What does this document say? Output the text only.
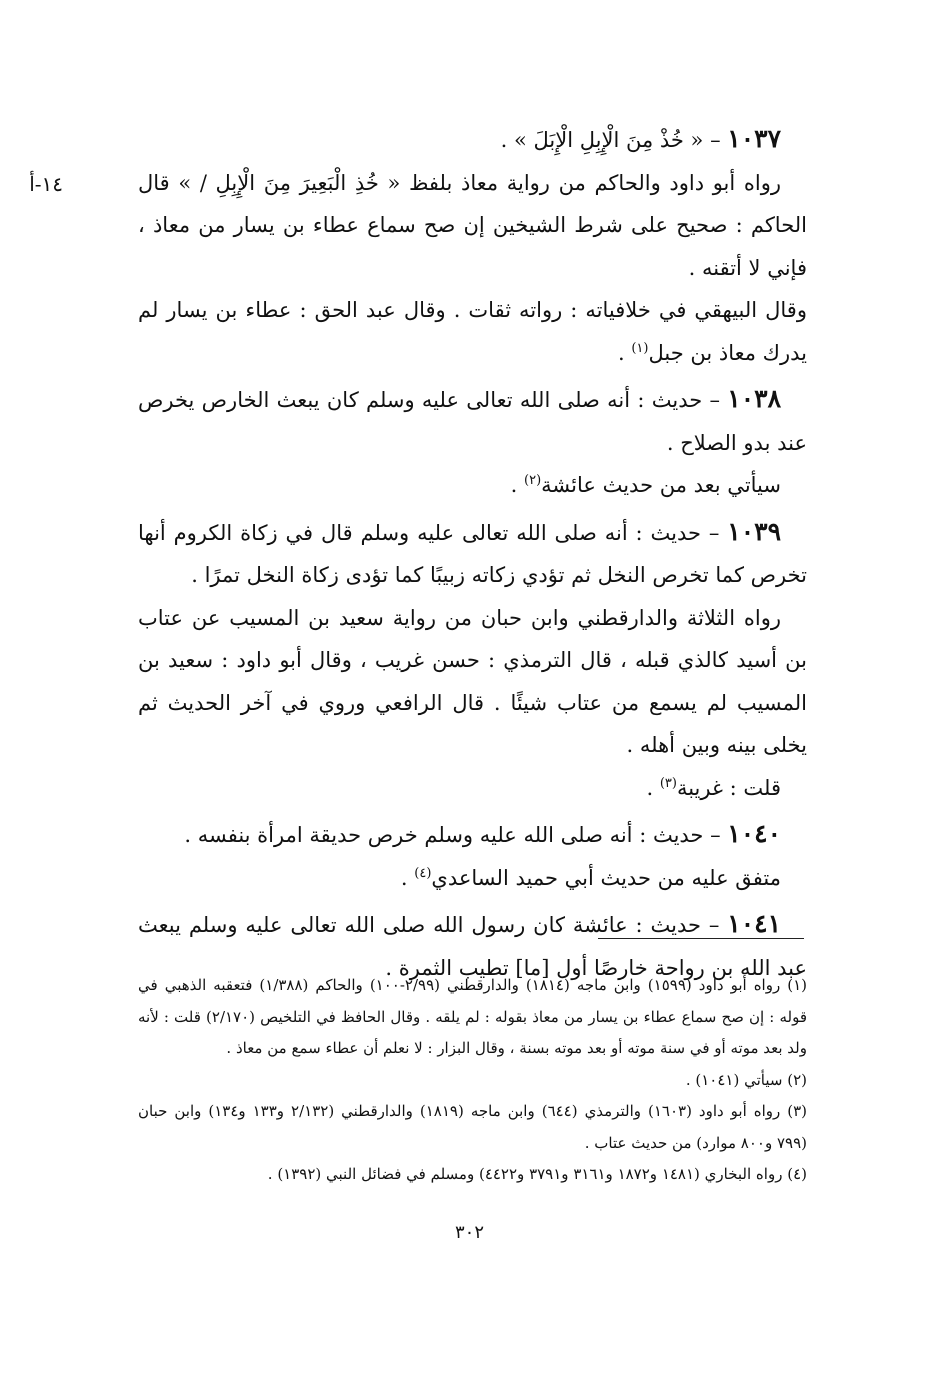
١٤-أ

١٠٣٧ – « خُذْ مِنَ الْإِبِلِ الْإِبَلَ » .

رواه أبو داود والحاكم من رواية معاذ بلفظ « خُذِ الْبَعِيرَ مِنَ الْإِبِلِ / » قال الحاكم : صحيح على شرط الشيخين إن صح سماع عطاء بن يسار من معاذ ، فإني لا أتقنه .

وقال البيهقي في خلافياته : رواته ثقات . وقال عبد الحق : عطاء بن يسار لم يدرك معاذ بن جبل$^{(١)}$ .

١٠٣٨ – حديث : أنه صلى الله تعالى عليه وسلم كان يبعث الخارص يخرص عند بدو الصلاح .

سيأتي بعد من حديث عائشة$^{(٢)}$ .

١٠٣٩ – حديث : أنه صلى الله تعالى عليه وسلم قال في زكاة الكروم أنها تخرص كما تخرص النخل ثم تؤدي زكاته زبيبًا كما تؤدى زكاة النخل تمرًا .

رواه الثلاثة والدارقطني وابن حبان من رواية سعيد بن المسيب عن عتاب بن أسيد كالذي قبله ، قال الترمذي : حسن غريب ، وقال أبو داود : سعيد بن المسيب لم يسمع من عتاب شيئًا . قال الرافعي وروي في آخر الحديث ثم يخلى بينه وبين أهله .

قلت : غريبة$^{(٣)}$ .

١٠٤٠ – حديث : أنه صلى الله عليه وسلم خرص حديقة امرأة بنفسه .

متفق عليه من حديث أبي حميد الساعدي$^{(٤)}$ .

١٠٤١ – حديث : عائشة كان رسول الله صلى الله تعالى عليه وسلم يبعث عبد الله بن رواحة خارصًا أول [ما] تطيب الثمرة .

(١) رواه أبو داود (١٥٩٩) وابن ماجه (١٨١٤) والدارقطني (٢/٩٩-١٠٠) والحاكم (١/٣٨٨) فتعقبه الذهبي في قوله : إن صح سماع عطاء بن يسار من معاذ بقوله : لم يلقه . وقال الحافظ في التلخيص (٢/١٧٠) قلت : لأنه ولد بعد موته أو في سنة موته أو بعد موته بسنة ، وقال البزار : لا نعلم أن عطاء سمع من معاذ .

(٢) سيأتي (١٠٤١) .

(٣) رواه أبو داود (١٦٠٣) والترمذي (٦٤٤) وابن ماجه (١٨١٩) والدارقطني (٢/١٣٢ و١٣٣ و١٣٤) وابن حبان (٧٩٩ و٨٠٠ موارد) من حديث عتاب .

(٤) رواه البخاري (١٤٨١ و١٨٧٢ و٣١٦١ و٣٧٩١ و٤٤٢٢) ومسلم في فضائل النبي (١٣٩٢) .

٣٠٢
